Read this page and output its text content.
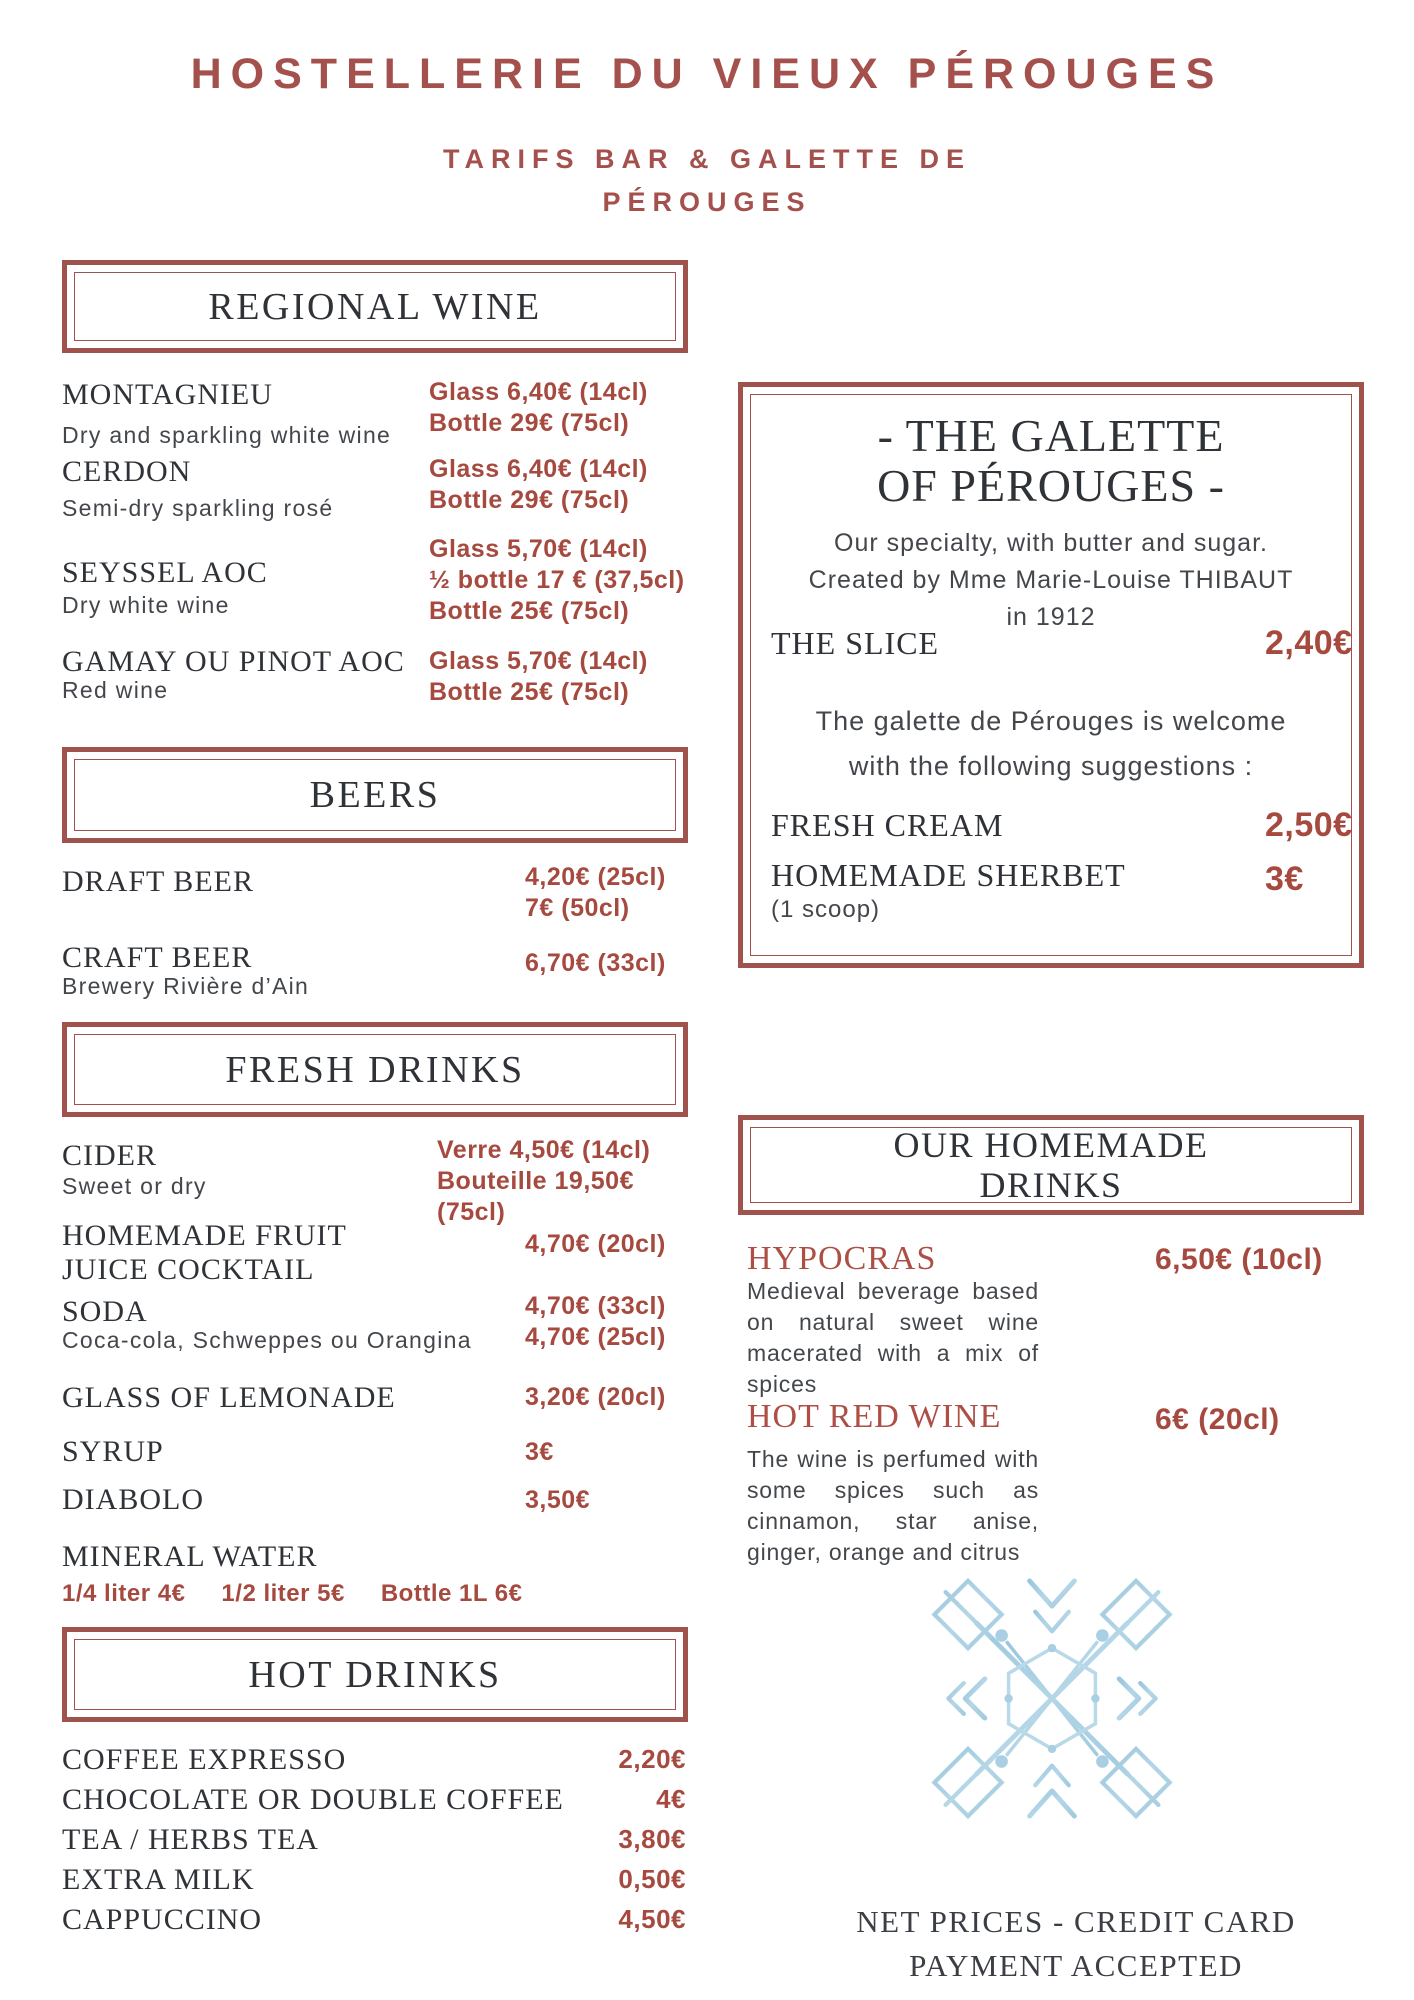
HOSTELLERIE DU VIEUX PÉROUGES
TARIFS BAR & GALETTE DE
PÉROUGES
REGIONAL WINE
MONTAGNIEU
Dry and sparkling white wine
Glass 6,40€ (14cl)
Bottle 29€ (75cl)
CERDON
Semi-dry sparkling rosé
Glass 6,40€ (14cl)
Bottle 29€ (75cl)
SEYSSEL AOC
Dry white wine
Glass 5,70€ (14cl)
½ bottle 17 € (37,5cl)
Bottle 25€ (75cl)
GAMAY OU PINOT AOC
Red wine
Glass 5,70€ (14cl)
Bottle 25€ (75cl)
BEERS
DRAFT BEER	4,20€ (25cl)
7€ (50cl)
CRAFT BEER
Brewery Rivière d’Ain
6,70€ (33cl)
FRESH DRINKS
CIDER
Sweet or dry
Verre 4,50€ (14cl)
Bouteille 19,50€ (75cl)
HOMEMADE FRUIT
JUICE COCKTAIL
4,70€ (20cl)
SODA
Coca-cola, Schweppes ou Orangina
4,70€ (33cl)
4,70€ (25cl)
GLASS OF LEMONADE	3,20€ (20cl)
SYRUP	3€
DIABOLO	3,50€
MINERAL WATER
1/4 liter 4€ 1/2 liter 5€ Bottle 1L 6€
HOT DRINKS
COFFEE EXPRESSO	2,20€
CHOCOLATE OR DOUBLE COFFEE	4€
TEA / HERBS TEA	3,80€
EXTRA MILK	0,50€
CAPPUCCINO	4,50€
- THE GALETTE
OF PÉROUGES -
Our specialty, with butter and sugar.
Created by Mme Marie-Louise THIBAUT
in 1912
THE SLICE	2,40€
The galette de Pérouges is welcome
with the following suggestions :
FRESH CREAM	2,50€
HOMEMADE SHERBET
(1 scoop)
3€
OUR HOMEMADE
DRINKS
HYPOCRAS	6,50€ (10cl)
Medieval beverage based on natural sweet wine macerated with a mix of spices
HOT RED WINE	6€ (20cl)
The wine is perfumed with some spices such as cinnamon, star anise, ginger, orange and citrus
NET PRICES - CREDIT CARD
PAYMENT ACCEPTED
